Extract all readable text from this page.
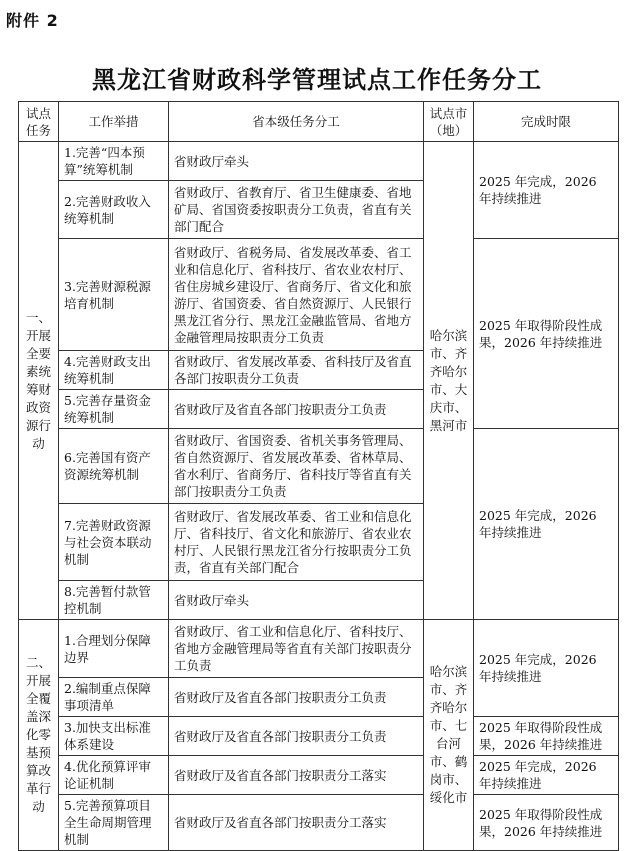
附件 2
黑龙江省财政科学管理试点工作任务分工
试点任务	工作举措	省本级任务分工	试点市（地）	完成时限
一、开展全要素统筹财政资源行动	1.完善“四本预算”统筹机制	省财政厅牵头	哈尔滨市、齐齐哈尔市、大庆市、黑河市	2025 年完成，2026 年持续推进
	2.完善财政收入统筹机制	省财政厅、省教育厅、省卫生健康委、省地矿局、省国资委按职责分工负责，省直有关部门配合		
	3.完善财源税源培育机制	省财政厅、省税务局、省发展改革委、省工业和信息化厅、省科技厅、省农业农村厅、省住房城乡建设厅、省商务厅、省文化和旅游厅、省国资委、省自然资源厅、人民银行黑龙江省分行、黑龙江金融监管局、省地方金融管理局按职责分工负责		2025 年取得阶段性成果，2026 年持续推进
	4.完善财政支出统筹机制	省财政厅、省发展改革委、省科技厅及省直各部门按职责分工负责		
	5.完善存量资金统筹机制	省财政厅及省直各部门按职责分工负责		
	6.完善国有资产资源统筹机制	省财政厅、省国资委、省机关事务管理局、省自然资源厅、省发展改革委、省林草局、省水利厅、省商务厅、省科技厅等省直有关部门按职责分工负责		2025 年完成，2026 年持续推进
	7.完善财政资源与社会资本联动机制	省财政厅、省发展改革委、省工业和信息化厅、省科技厅、省文化和旅游厅、省农业农村厅、人民银行黑龙江省分行按职责分工负责，省直有关部门配合		
	8.完善暂付款管控机制	省财政厅牵头		
二、开展全覆盖深化零基预算改革行动	1.合理划分保障边界	省财政厅、省工业和信息化厅、省科技厅、省地方金融管理局等省直有关部门按职责分工负责	哈尔滨市、齐齐哈尔市、七台河市、鹤岗市、绥化市	2025 年完成，2026 年持续推进
	2.编制重点保障事项清单	省财政厅及省直各部门按职责分工负责		
	3.加快支出标准体系建设	省财政厅及省直各部门按职责分工负责		2025 年取得阶段性成果，2026 年持续推进
	4.优化预算评审论证机制	省财政厅及省直各部门按职责分工落实		2025 年完成，2026 年持续推进
	5.完善预算项目全生命周期管理机制	省财政厅及省直各部门按职责分工落实		2025 年取得阶段性成果，2026 年持续推进
